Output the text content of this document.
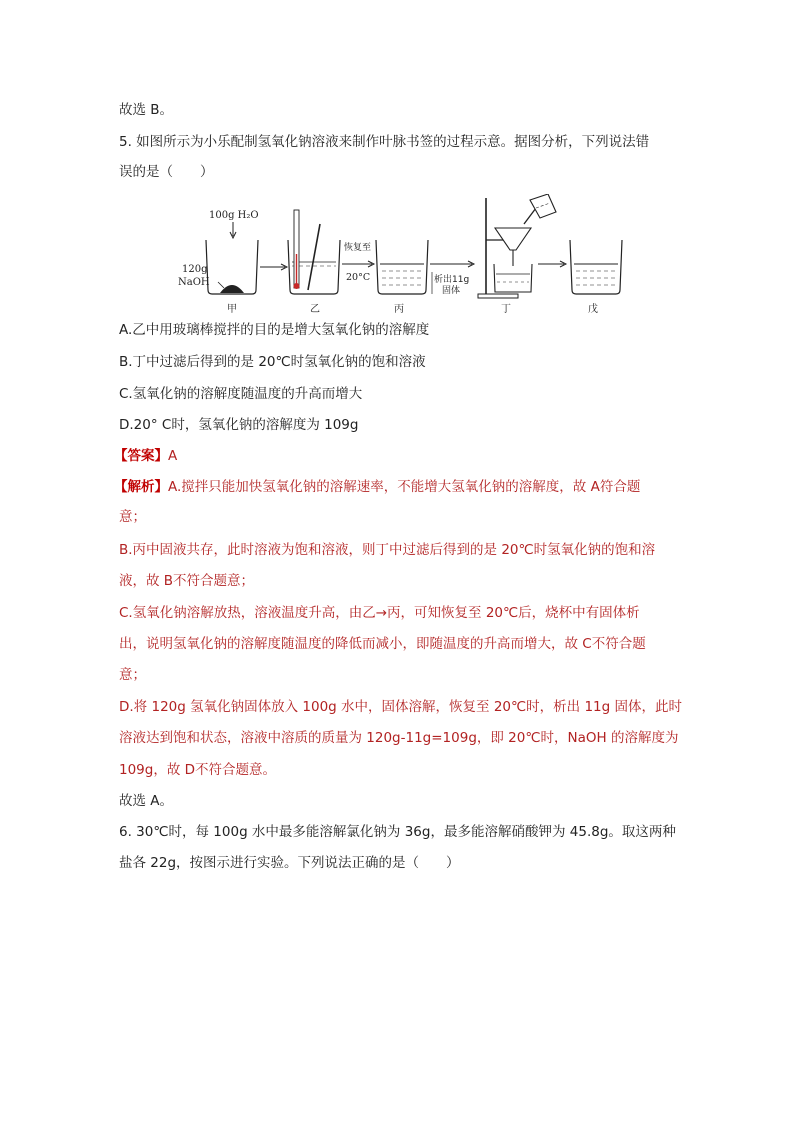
故选 B。
5. 如图所示为小乐配制氢氧化钠溶液来制作叶脉书签的过程示意。据图分析，下列说法错
误的是（　　）
100g H₂O
120g
NaOH
甲	乙
恢复至
20°C
丙
析出11g
固体
丁	戊
A.乙中用玻璃棒搅拌的目的是增大氢氧化钠的溶解度
B.丁中过滤后得到的是 20℃时氢氧化钠的饱和溶液
C.氢氧化钠的溶解度随温度的升高而增大
D.20° C时，氢氧化钠的溶解度为 109g
【答案】A
【解析】A.搅拌只能加快氢氧化钠的溶解速率，不能增大氢氧化钠的溶解度，故 A符合题
意；
B.丙中固液共存，此时溶液为饱和溶液，则丁中过滤后得到的是 20℃时氢氧化钠的饱和溶
液，故 B不符合题意；
C.氢氧化钠溶解放热，溶液温度升高，由乙→丙，可知恢复至 20℃后，烧杯中有固体析
出，说明氢氧化钠的溶解度随温度的降低而减小，即随温度的升高而增大，故 C不符合题
意；
D.将 120g 氢氧化钠固体放入 100g 水中，固体溶解，恢复至 20℃时，析出 11g 固体，此时
溶液达到饱和状态，溶液中溶质的质量为 120g-11g=109g，即 20℃时，NaOH 的溶解度为
109g，故 D不符合题意。
故选 A。
6. 30℃时，每 100g 水中最多能溶解氯化钠为 36g，最多能溶解硝酸钾为 45.8g。取这两种
盐各 22g，按图示进行实验。下列说法正确的是（　　）
